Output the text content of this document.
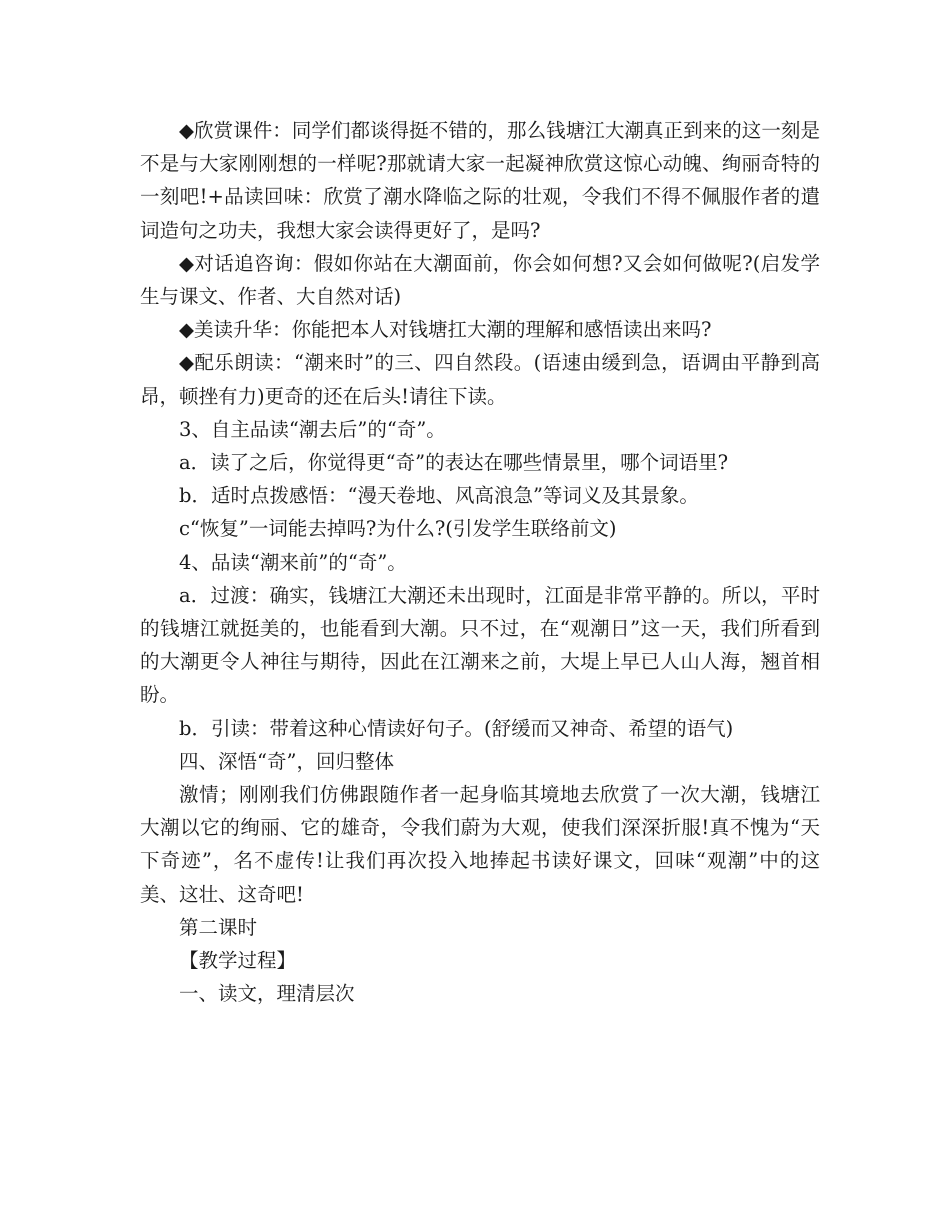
◆欣赏课件：同学们都谈得挺不错的，那么钱塘江大潮真正到来的这一刻是不是与大家刚刚想的一样呢?那就请大家一起凝神欣赏这惊心动魄、绚丽奇特的一刻吧!+品读回味：欣赏了潮水降临之际的壮观，令我们不得不佩服作者的遣词造句之功夫，我想大家会读得更好了，是吗?

◆对话追咨询：假如你站在大潮面前，你会如何想?又会如何做呢?(启发学生与课文、作者、大自然对话)

◆美读升华：你能把本人对钱塘扛大潮的理解和感悟读出来吗?

◆配乐朗读：“潮来时”的三、四自然段。(语速由缓到急，语调由平静到高昂，顿挫有力)更奇的还在后头!请往下读。

3、自主品读“潮去后”的“奇”。

a．读了之后，你觉得更“奇”的表达在哪些情景里，哪个词语里?

b．适时点拨感悟：“漫天卷地、风高浪急”等词义及其景象。

c“恢复”一词能去掉吗?为什么?(引发学生联络前文)

4、品读“潮来前”的“奇”。

a．过渡：确实，钱塘江大潮还未出现时，江面是非常平静的。所以，平时的钱塘江就挺美的，也能看到大潮。只不过，在“观潮日”这一天，我们所看到的大潮更令人神往与期待，因此在江潮来之前，大堤上早已人山人海，翘首相盼。

b．引读：带着这种心情读好句子。(舒缓而又神奇、希望的语气)

四、深悟“奇”，回归整体

激情；刚刚我们仿佛跟随作者一起身临其境地去欣赏了一次大潮，钱塘江大潮以它的绚丽、它的雄奇，令我们蔚为大观，使我们深深折服!真不愧为“天下奇迹”，名不虚传!让我们再次投入地捧起书读好课文，回味“观潮”中的这美、这壮、这奇吧!

第二课时

【教学过程】

一、读文，理清层次
